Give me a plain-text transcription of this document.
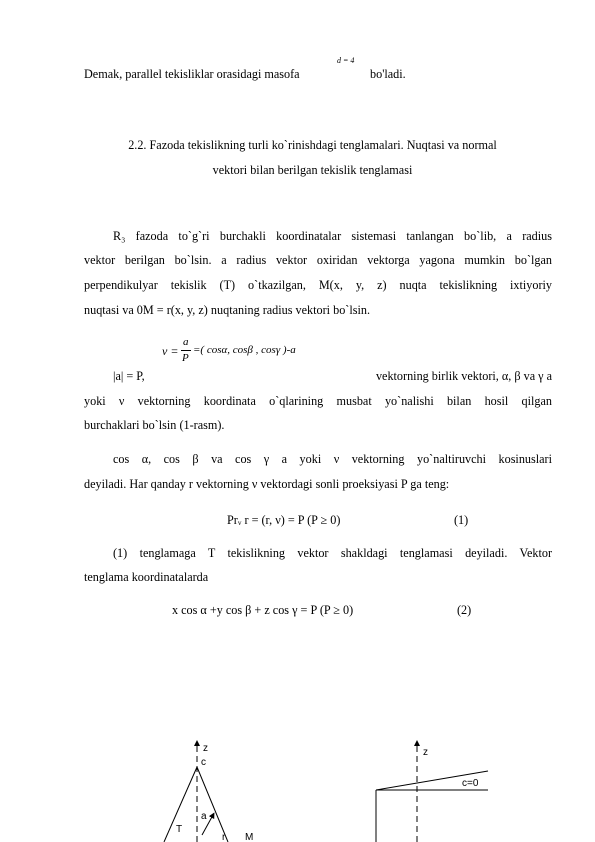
Demak, parallel tekisliklar orasidagi masofa
d = 4
bo'ladi.
2.2. Fazoda tekislikning turli ko`rinishdagi tenglamalari. Nuqtasi va normal
vektori bilan berilgan tekislik tenglamasi
R₃ fazoda to`g`ri burchakli koordinatalar sistemasi tanlangan bo`lib, a radius
vektor berilgan bo`lsin. a radius vektor oxiridan vektorga yagona mumkin bo`lgan
perpendikulyar tekislik (T) o`tkazilgan, M(x, y, z) nuqta tekislikning ixtiyoriy
nuqtasi va 0M = r(x, y, z) nuqtaning radius vektori bo`lsin.
v =
a
P
=( cosα, cosβ , cosγ )-a
|a| = P,	vektorning birlik vektori, α, β va γ a
yoki ν vektorning koordinata o`qlarining musbat yo`nalishi bilan hosil qilgan
burchaklari bo`lsin (1-rasm).
cos α, cos β va cos γ a yoki ν vektorning yo`naltiruvchi kosinuslari
deyiladi. Har qanday r vektorning ν vektordagi sonli proeksiyasi P ga teng:
Prᵥ r = (r, ν) = P (P ≥ 0)	(1)
(1) tenglamaga T tekislikning vektor shakldagi tenglamasi deyiladi. Vektor
tenglama koordinatalarda
x cos α +y cos β + z cos γ = P (P ≥ 0)	(2)
z
c
a
T
r M
z
c=0
